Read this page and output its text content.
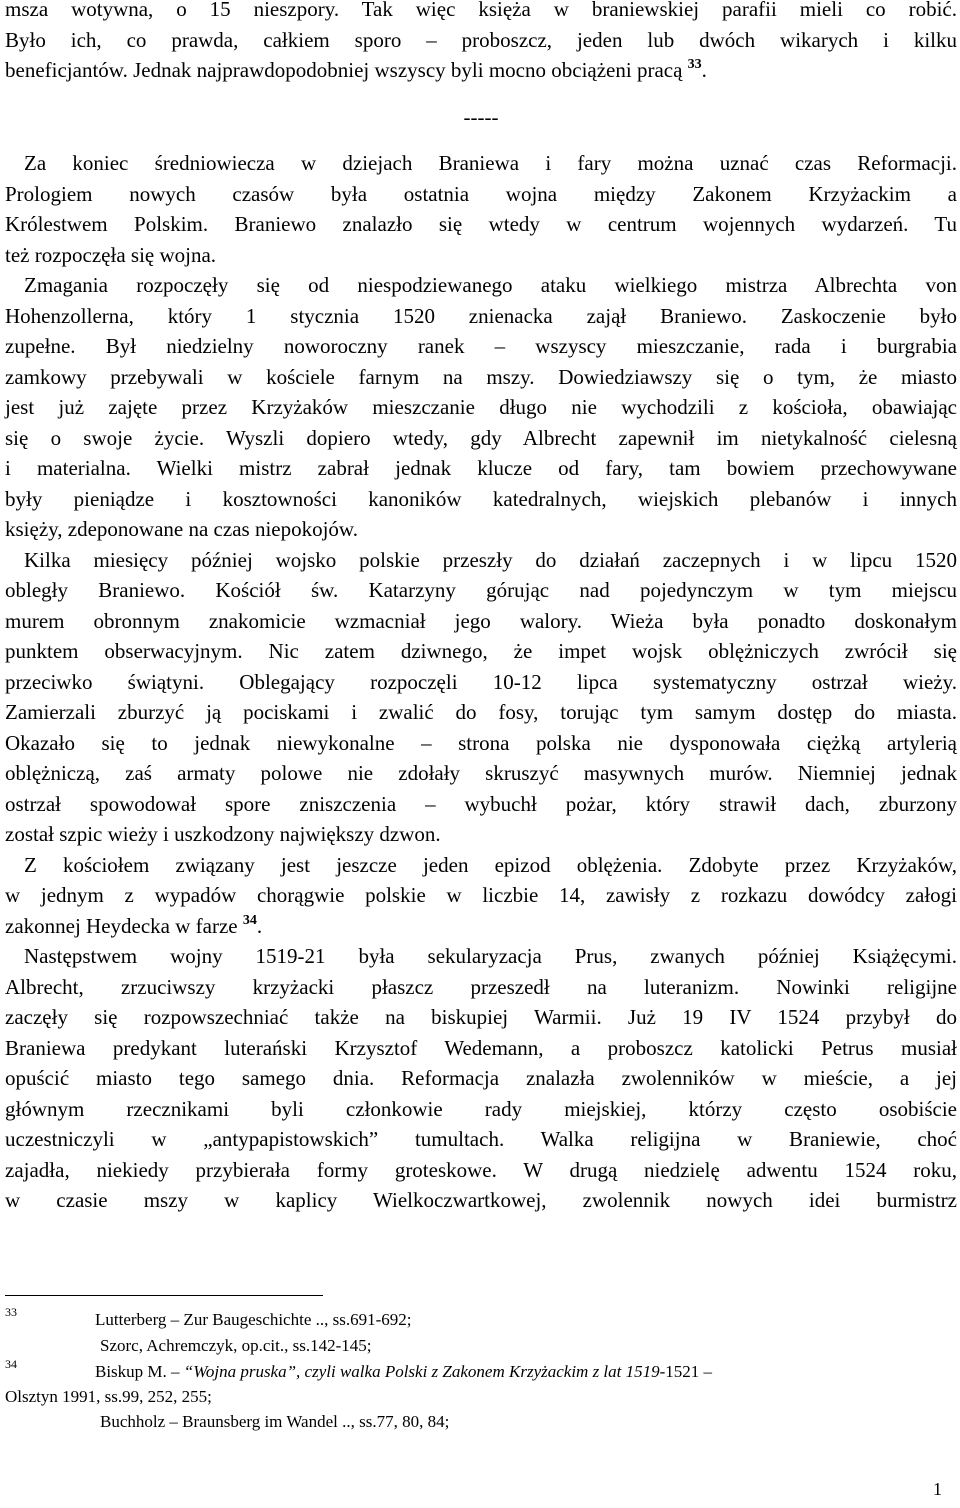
msza wotywna, o 15 nieszpory. Tak więc księża w braniewskiej parafii mieli co robić.
Było ich, co prawda, całkiem sporo – proboszcz, jeden lub dwóch wikarych i kilku
beneficjantów. Jednak najprawdopodobniej wszyscy byli mocno obciążeni pracą $^{33}$.
-----
Za koniec średniowiecza w dziejach Braniewa i fary można uznać czas Reformacji.
Prologiem nowych czasów była ostatnia wojna między Zakonem Krzyżackim a
Królestwem Polskim. Braniewo znalazło się wtedy w centrum wojennych wydarzeń. Tu
też rozpoczęła się wojna.
Zmagania rozpoczęły się od niespodziewanego ataku wielkiego mistrza Albrechta von
Hohenzollerna, który 1 stycznia 1520 znienacka zajął Braniewo. Zaskoczenie było
zupełne. Był niedzielny noworoczny ranek – wszyscy mieszczanie, rada i burgrabia
zamkowy przebywali w kościele farnym na mszy. Dowiedziawszy się o tym, że miasto
jest już zajęte przez Krzyżaków mieszczanie długo nie wychodzili z kościoła, obawiając
się o swoje życie. Wyszli dopiero wtedy, gdy Albrecht zapewnił im nietykalność cielesną
i materialna. Wielki mistrz zabrał jednak klucze od fary, tam bowiem przechowywane
były pieniądze i kosztowności kanoników katedralnych, wiejskich plebanów i innych
księży, zdeponowane na czas niepokojów.
Kilka miesięcy później wojsko polskie przeszły do działań zaczepnych i w lipcu 1520
obległy Braniewo. Kościół św. Katarzyny górując nad pojedynczym w tym miejscu
murem obronnym znakomicie wzmacniał jego walory. Wieża była ponadto doskonałym
punktem obserwacyjnym. Nic zatem dziwnego, że impet wojsk oblężniczych zwrócił się
przeciwko świątyni. Oblegający rozpoczęli 10-12 lipca systematyczny ostrzał wieży.
Zamierzali zburzyć ją pociskami i zwalić do fosy, torując tym samym dostęp do miasta.
Okazało się to jednak niewykonalne – strona polska nie dysponowała ciężką artylerią
oblężniczą, zaś armaty polowe nie zdołały skruszyć masywnych murów. Niemniej jednak
ostrzał spowodował spore zniszczenia – wybuchł pożar, który strawił dach, zburzony
został szpic wieży i uszkodzony największy dzwon.
Z kościołem związany jest jeszcze jeden epizod oblężenia. Zdobyte przez Krzyżaków,
w jednym z wypadów chorągwie polskie w liczbie 14, zawisły z rozkazu dowódcy załogi
zakonnej Heydecka w farze $^{34}$.
Następstwem wojny 1519-21 była sekularyzacja Prus, zwanych później Książęcymi.
Albrecht, zrzuciwszy krzyżacki płaszcz przeszedł na luteranizm. Nowinki religijne
zaczęły się rozpowszechniać także na biskupiej Warmii. Już 19 IV 1524 przybył do
Braniewa predykant luterański Krzysztof Wedemann, a proboszcz katolicki Petrus musiał
opuścić miasto tego samego dnia. Reformacja znalazła zwolenników w mieście, a jej
głównym rzecznikami byli członkowie rady miejskiej, którzy często osobiście
uczestniczyli w „antypapistowskich” tumultach. Walka religijna w Braniewie, choć
zajadła, niekiedy przybierała formy groteskowe. W drugą niedzielę adwentu 1524 roku,
w czasie mszy w kaplicy Wielkoczwartkowej, zwolennik nowych idei burmistrz
33	Lutterberg – Zur Baugeschichte .., ss.691-692;
Szorc, Achremczyk, op.cit., ss.142-145;
34	Biskup M. – “Wojna pruska”, czyli walka Polski z Zakonem Krzyżackim z lat 1519-1521 –
Olsztyn 1991, ss.99, 252, 255;
Buchholz – Braunsberg im Wandel .., ss.77, 80, 84;
1
